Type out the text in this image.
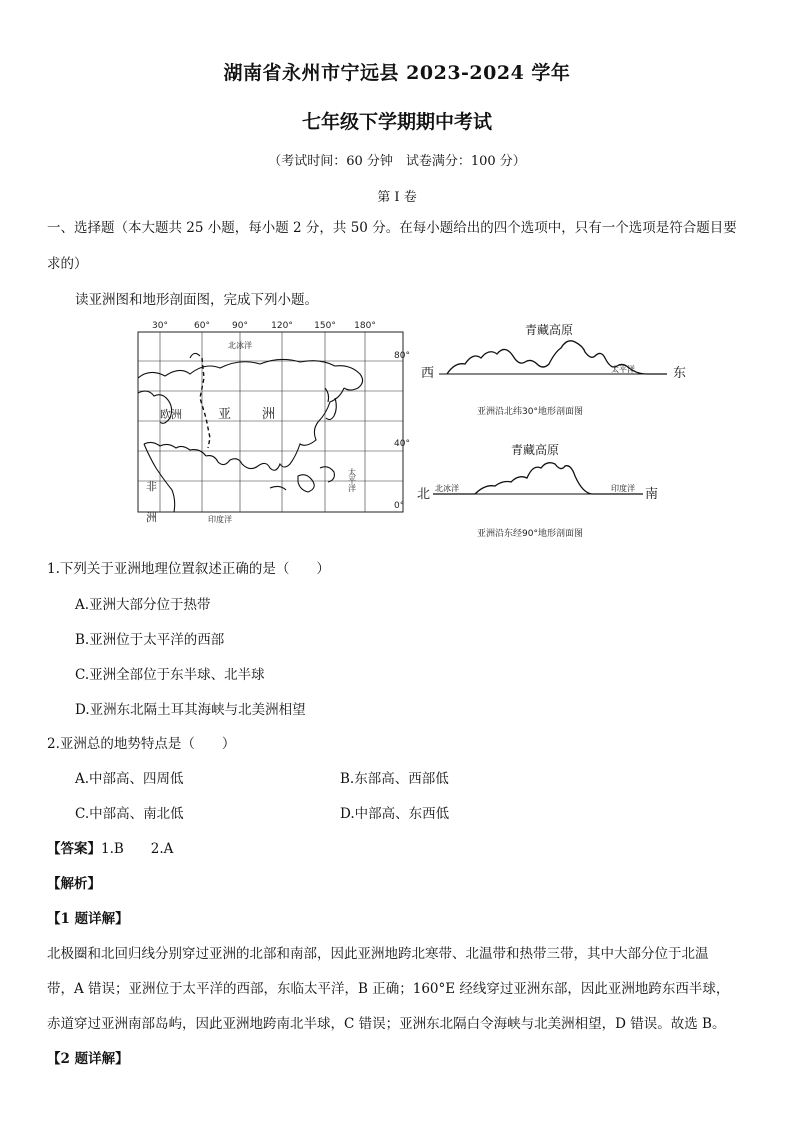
湖南省永州市宁远县 2023-2024 学年
七年级下学期期中考试
（考试时间：60 分钟　试卷满分：100 分）
第 I 卷
一、选择题（本大题共 25 小题，每小题 2 分，共 50 分。在每小题给出的四个选项中，只有一个选项是符合题目要
求的）
读亚洲图和地形剖面图，完成下列小题。
30°	60° 90°	120° 150° 180°
80°
40°
0°
北冰洋
欧洲	亚 洲
非
洲	印度洋
太平洋
青藏高原
西	东
太平洋
亚洲沿北纬30°地形剖面图
青藏高原
北	南
北冰洋	印度洋
亚洲沿东经90°地形剖面图
1.下列关于亚洲地理位置叙述正确的是（　　）
A.亚洲大部分位于热带
B.亚洲位于太平洋的西部
C.亚洲全部位于东半球、北半球
D.亚洲东北隔土耳其海峡与北美洲相望
2.亚洲总的地势特点是（　　）
A.中部高、四周低	B.东部高、西部低
C.中部高、南北低	D.中部高、东西低
【答案】1.B　　2.A
【解析】
【1 题详解】
北极圈和北回归线分别穿过亚洲的北部和南部，因此亚洲地跨北寒带、北温带和热带三带，其中大部分位于北温
带，A 错误；亚洲位于太平洋的西部，东临太平洋，B 正确；160°E 经线穿过亚洲东部，因此亚洲地跨东西半球，
赤道穿过亚洲南部岛屿，因此亚洲地跨南北半球，C 错误；亚洲东北隔白令海峡与北美洲相望，D 错误。故选 B。
【2 题详解】
